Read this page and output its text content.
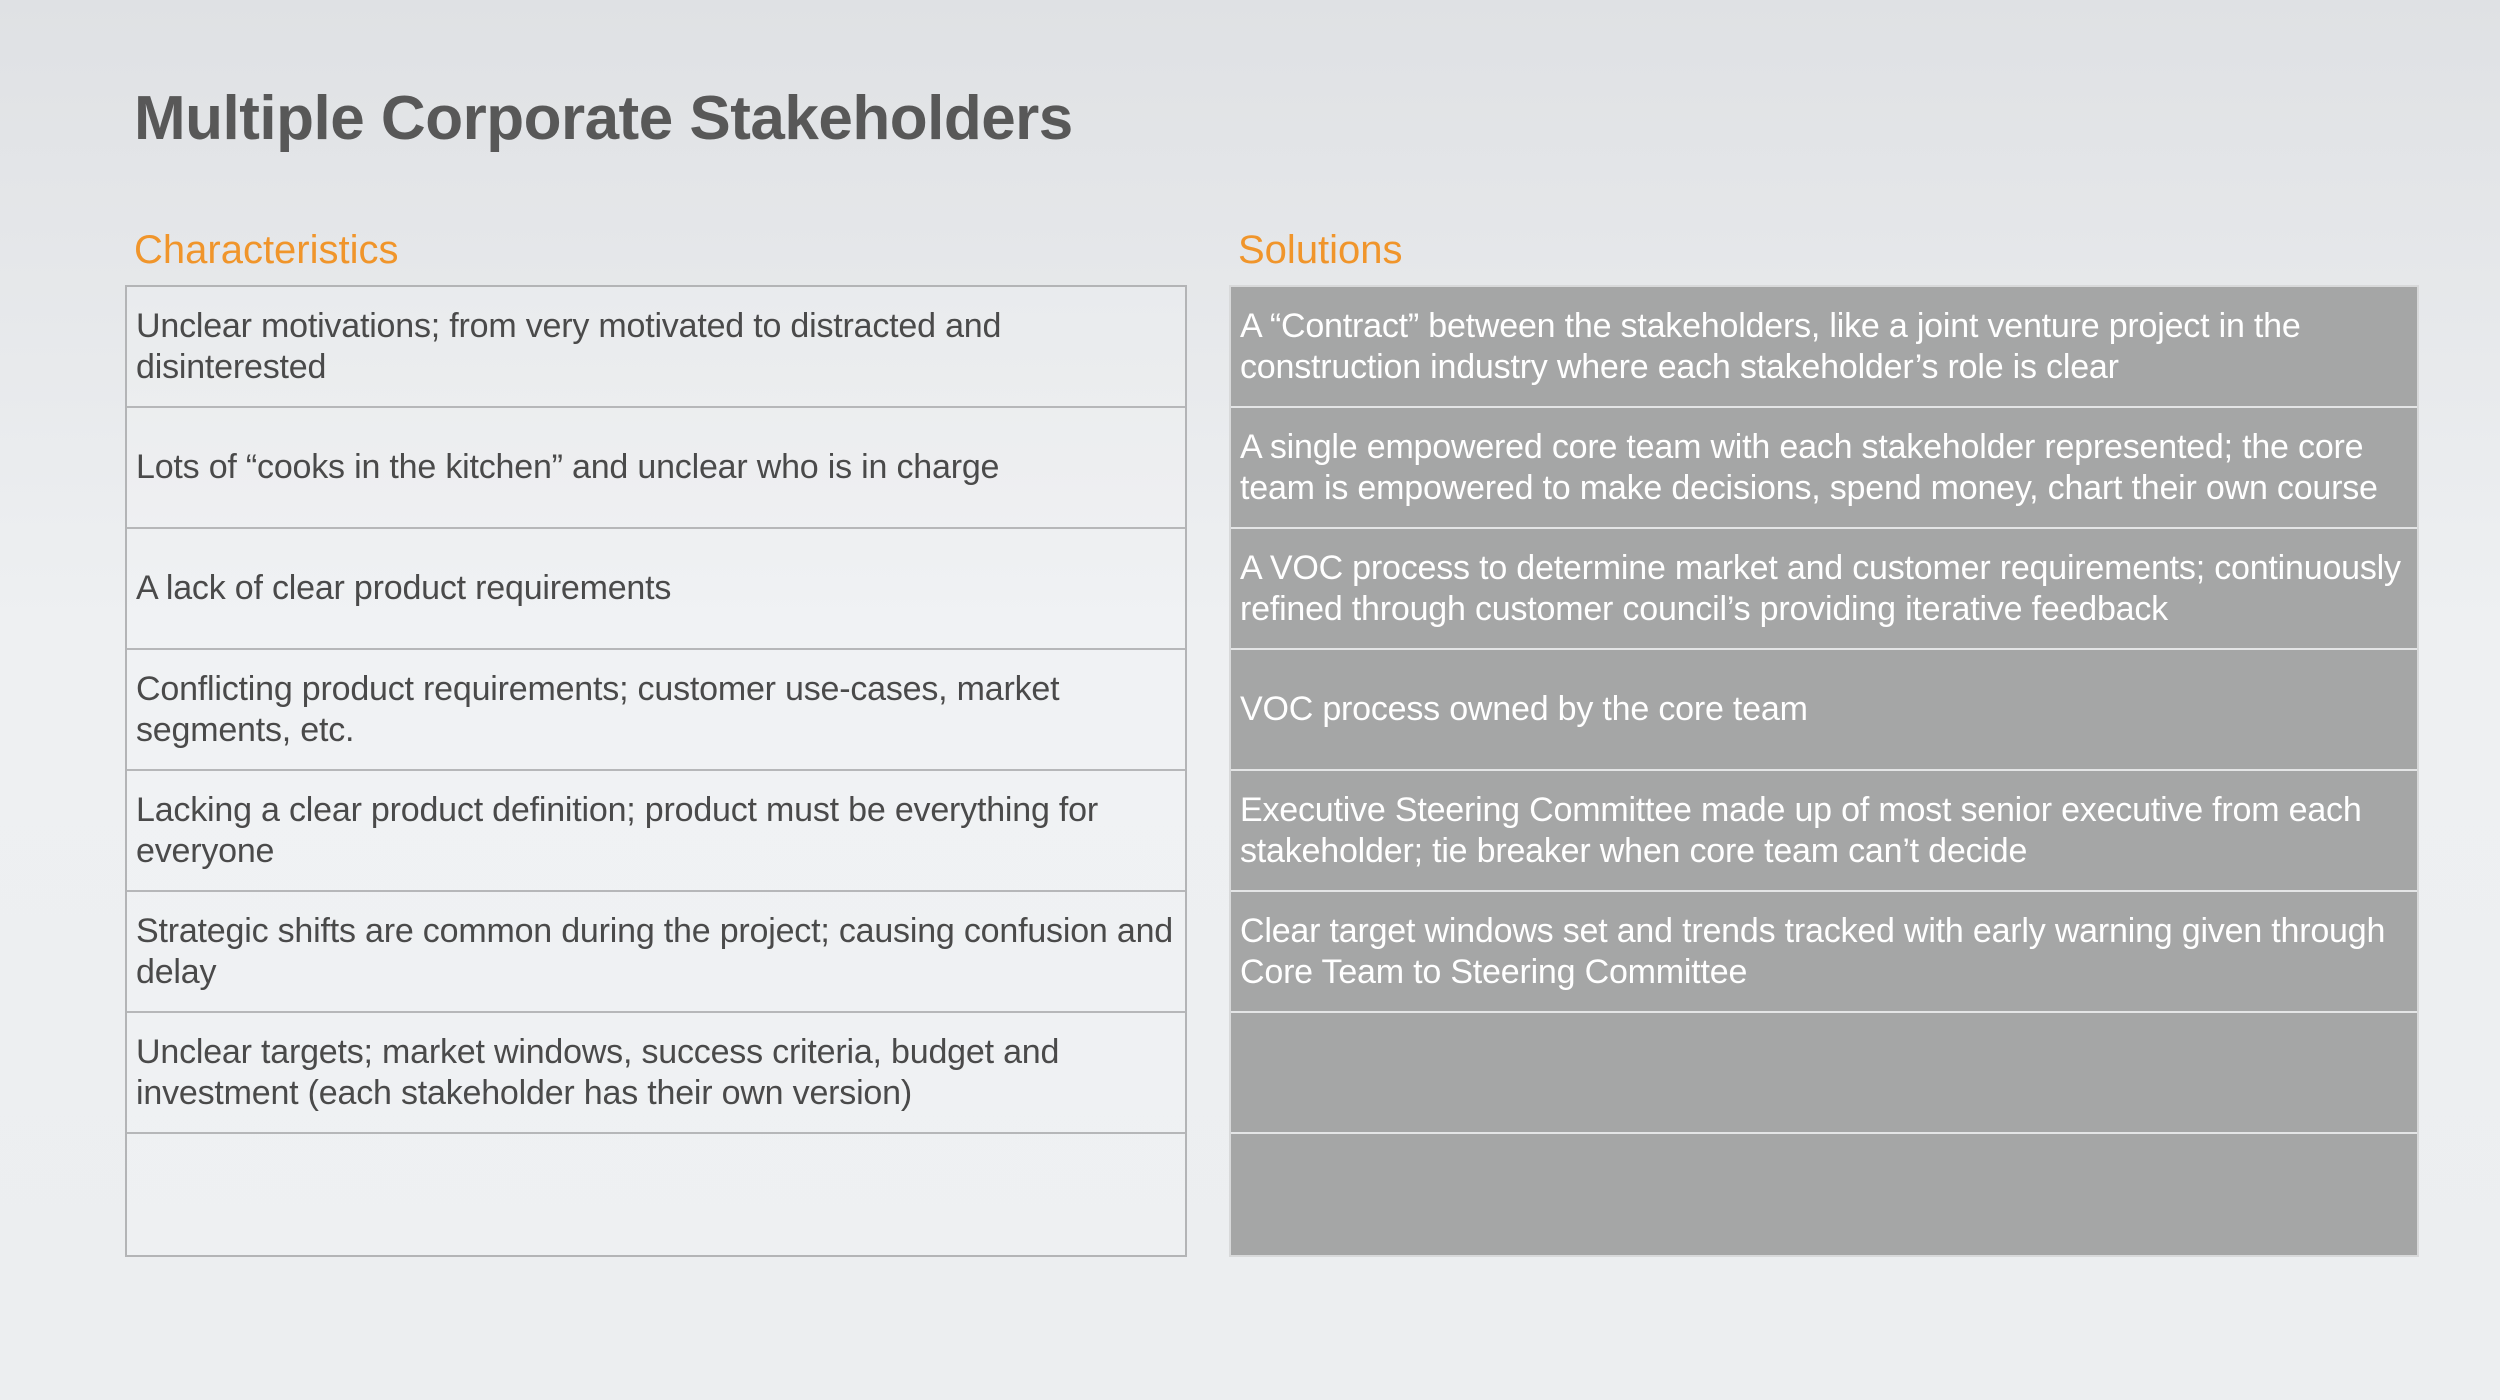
Multiple Corporate Stakeholders
Characteristics	Solutions
Unclear motivations; from very motivated to distracted and disinterested
Lots of “cooks in the kitchen” and unclear who is in charge
A lack of clear product requirements
Conflicting product requirements; customer use-cases, market segments, etc.
Lacking a clear product definition; product must be everything for everyone
Strategic shifts are common during the project; causing confusion and delay
Unclear targets; market windows, success criteria, budget and investment (each stakeholder has their own version)
A “Contract” between the stakeholders, like a joint venture project in the construction industry where each stakeholder’s role is clear
A single empowered core team with each stakeholder represented; the core team is empowered to make decisions, spend money, chart their own course
A VOC process to determine market and customer requirements; continuously refined through customer council’s providing iterative feedback
VOC process owned by the core team
Executive Steering Committee made up of most senior executive from each stakeholder; tie breaker when core team can’t decide
Clear target windows set and trends tracked with early warning given through Core Team to Steering Committee
